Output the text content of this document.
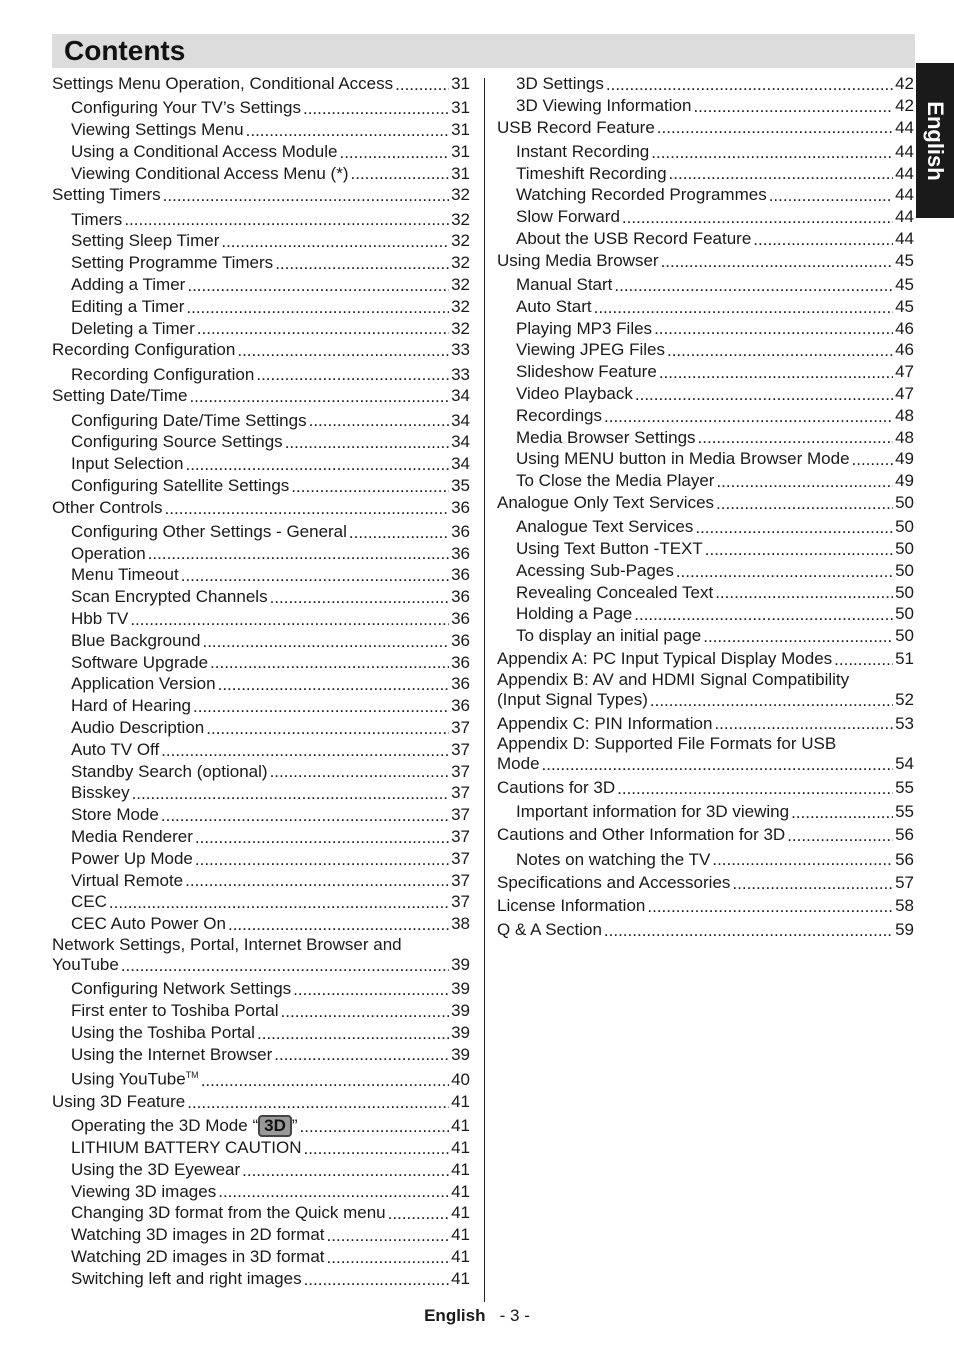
Contents
English
Settings Menu Operation, Conditional Access .....	31
Configuring Your TV’s Settings .....	31
Viewing Settings Menu .....	31
Using a Conditional Access Module .....	31
Viewing Conditional Access Menu (*) .....	31
Setting Timers .....	32
Timers .....	32
Setting Sleep Timer .....	32
Setting Programme Timers .....	32
Adding a Timer .....	32
Editing a Timer .....	32
Deleting a Timer .....	32
Recording Configuration .....	33
Recording Configuration .....	33
Setting Date/Time .....	34
Configuring Date/Time Settings .....	34
Configuring Source Settings .....	34
Input Selection .....	34
Configuring Satellite Settings .....	35
Other Controls .....	36
Configuring Other Settings - General .....	36
Operation .....	36
Menu Timeout .....	36
Scan Encrypted Channels .....	36
Hbb TV .....	36
Blue Background .....	36
Software Upgrade .....	36
Application Version .....	36
Hard of Hearing .....	36
Audio Description .....	37
Auto TV Off .....	37
Standby Search (optional) .....	37
Bisskey .....	37
Store Mode .....	37
Media Renderer .....	37
Power Up Mode .....	37
Virtual Remote .....	37
CEC .....	37
CEC Auto Power On .....	38
Network Settings, Portal, Internet Browser and
YouTube .....	39
Configuring Network Settings .....	39
First enter to Toshiba Portal .....	39
Using the Toshiba Portal .....	39
Using the Internet Browser .....	39
Using YouTube™ .....	40
Using 3D Feature .....	41
Operating the 3D Mode “ 3D ” .....	41
LITHIUM BATTERY CAUTION .....	41
Using the 3D Eyewear .....	41
Viewing 3D images .....	41
Changing 3D format from the Quick menu .....	41
Watching 3D images in 2D format .....	41
Watching 2D images in 3D format .....	41
Switching left and right images .....	41
3D Settings .....	42
3D Viewing Information .....	42
USB Record Feature .....	44
Instant Recording .....	44
Timeshift Recording .....	44
Watching Recorded Programmes .....	44
Slow Forward .....	44
About the USB Record Feature .....	44
Using Media Browser .....	45
Manual Start .....	45
Auto Start .....	45
Playing MP3 Files .....	46
Viewing JPEG Files .....	46
Slideshow Feature .....	47
Video Playback .....	47
Recordings .....	48
Media Browser Settings .....	48
Using MENU button in Media Browser Mode .....	49
To Close the Media Player .....	49
Analogue Only Text Services .....	50
Analogue Text Services .....	50
Using Text Button -TEXT .....	50
Acessing Sub-Pages .....	50
Revealing Concealed Text .....	50
Holding a Page .....	50
To display an initial page .....	50
Appendix A: PC Input Typical Display Modes .....	51
Appendix B: AV and HDMI Signal Compatibility
(Input Signal Types) .....	52
Appendix C: PIN Information .....	53
Appendix D: Supported File Formats for USB
Mode .....	54
Cautions for 3D .....	55
Important information for 3D viewing .....	55
Cautions and Other Information for 3D .....	56
Notes on watching the TV .....	56
Specifications and Accessories .....	57
License Information .....	58
Q & A Section .....	59
English - 3 -
